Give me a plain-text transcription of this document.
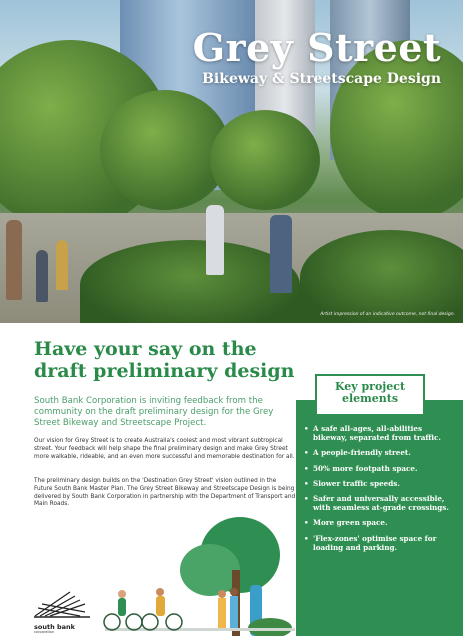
Grey Street
Bikeway & Streetscape Design
Artist impression of an indicative outcome, not final design.
Have your say on the draft preliminary design
South Bank Corporation is inviting feedback from the community on the draft preliminary design for the Grey Street Bikeway and Streetscape Project.
Our vision for Grey Street is to create Australia's coolest and most vibrant subtropical street. Your feedback will help shape the final preliminary design and make Grey Street more walkable, rideable, and an even more successful and memorable destination for all.
The preliminary design builds on the 'Destination Grey Street' vision outlined in the Future South Bank Master Plan. The Grey Street Bikeway and Streetscape Design is being delivered by South Bank Corporation in partnership with the Department of Transport and Main Roads.
Key project elements
• A safe all-ages, all-abilities bikeway, separated from traffic.
• A people-friendly street.
• 50% more footpath space.
• Slower traffic speeds.
• Safer and universally accessible, with seamless at-grade crossings.
• More green space.
• 'Flex-zones' optimise space for loading and parking.
south bank
corporation
